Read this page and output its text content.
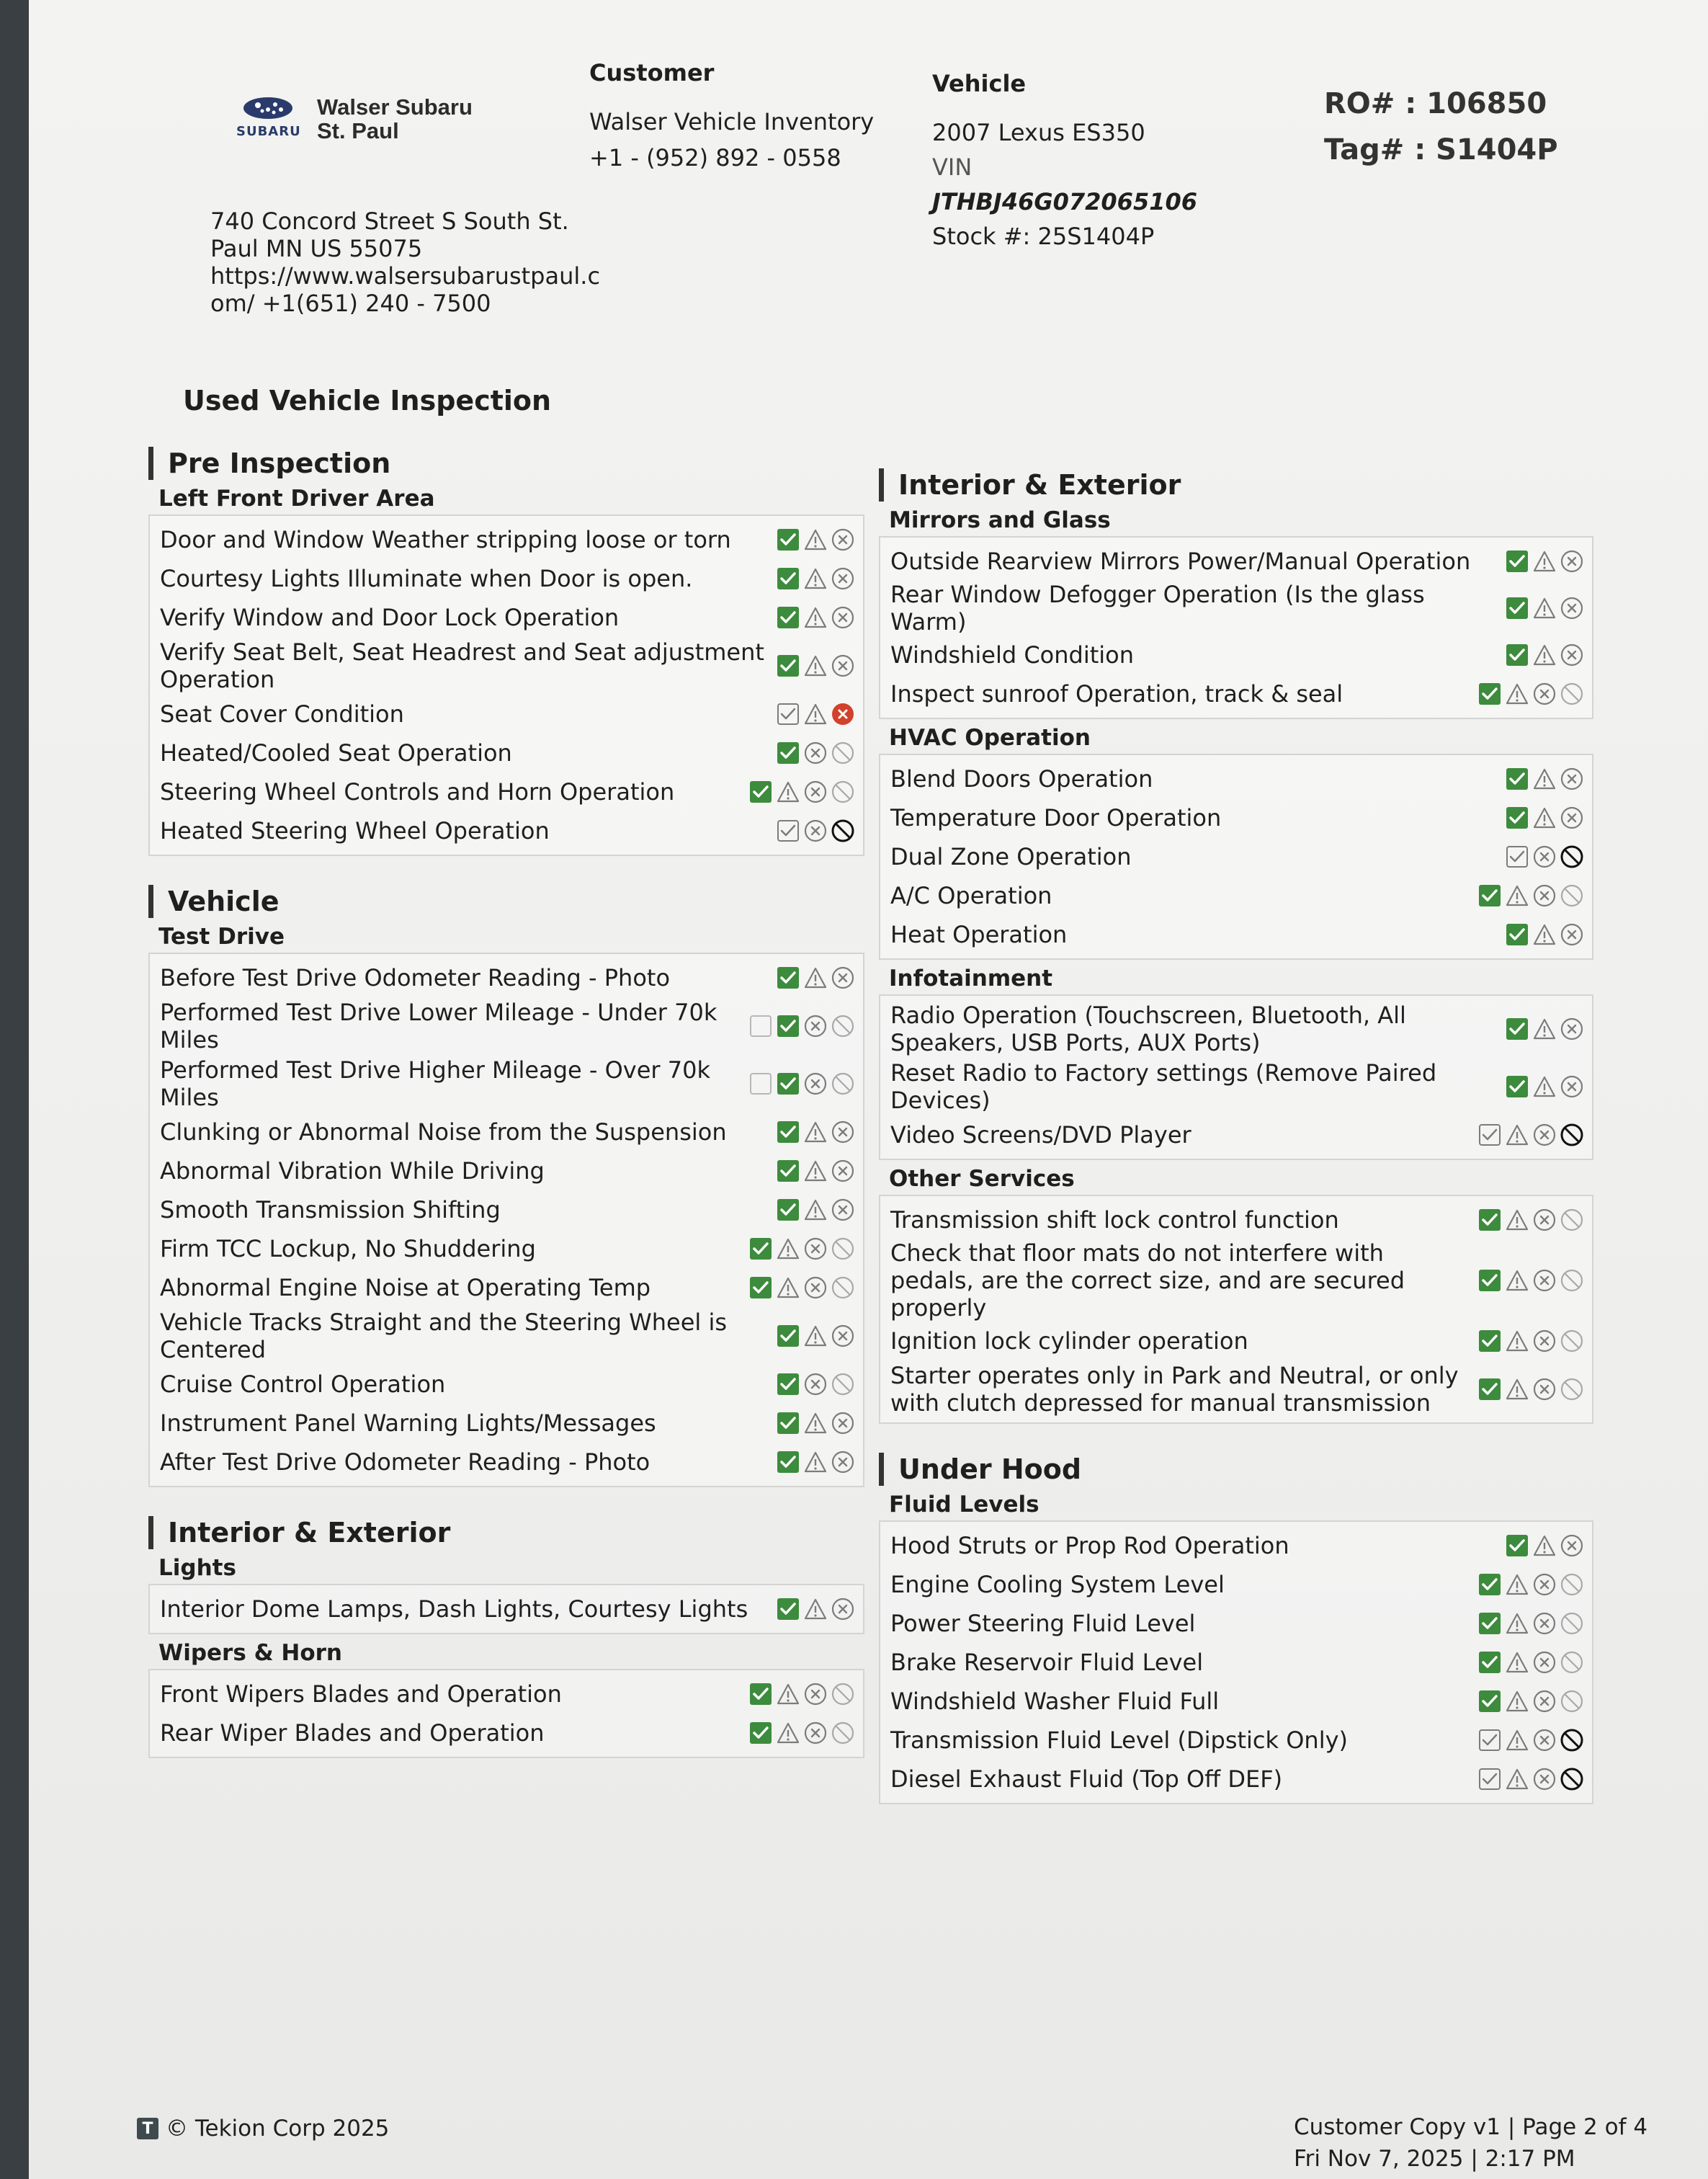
SUBARU
Walser Subaru
St. Paul
740 Concord Street S South St.
Paul MN US 55075
https://www.walsersubarustpaul.c
om/ +1(651) 240 - 7500
Customer
Walser Vehicle Inventory
+1 - (952) 892 - 0558
Vehicle
2007 Lexus ES350
VIN
JTHBJ46G072065106
Stock #: 25S1404P
RO# : 106850
Tag# : S1404P
Used Vehicle Inspection
Pre Inspection
Left Front Driver Area
Door and Window Weather stripping loose or torn
Courtesy Lights Illuminate when Door is open.
Verify Window and Door Lock Operation
Verify Seat Belt, Seat Headrest and Seat adjustment Operation
Seat Cover Condition
Heated/Cooled Seat Operation
Steering Wheel Controls and Horn Operation
Heated Steering Wheel Operation
Vehicle
Test Drive
Before Test Drive Odometer Reading - Photo
Performed Test Drive Lower Mileage - Under 70k Miles
Performed Test Drive Higher Mileage - Over 70k Miles
Clunking or Abnormal Noise from the Suspension
Abnormal Vibration While Driving
Smooth Transmission Shifting
Firm TCC Lockup, No Shuddering
Abnormal Engine Noise at Operating Temp
Vehicle Tracks Straight and the Steering Wheel is Centered
Cruise Control Operation
Instrument Panel Warning Lights/Messages
After Test Drive Odometer Reading - Photo
Interior & Exterior
Lights
Interior Dome Lamps, Dash Lights, Courtesy Lights
Wipers & Horn
Front Wipers Blades and Operation
Rear Wiper Blades and Operation
Interior & Exterior
Mirrors and Glass
Outside Rearview Mirrors Power/Manual Operation
Rear Window Defogger Operation (Is the glass Warm)
Windshield Condition
Inspect sunroof Operation, track & seal
HVAC Operation
Blend Doors Operation
Temperature Door Operation
Dual Zone Operation
A/C Operation
Heat Operation
Infotainment
Radio Operation (Touchscreen, Bluetooth, All Speakers, USB Ports, AUX Ports)
Reset Radio to Factory settings (Remove Paired Devices)
Video Screens/DVD Player
Other Services
Transmission shift lock control function
Check that floor mats do not interfere with pedals, are the correct size, and are secured properly
Ignition lock cylinder operation
Starter operates only in Park and Neutral, or only with clutch depressed for manual transmission
Under Hood
Fluid Levels
Hood Struts or Prop Rod Operation
Engine Cooling System Level
Power Steering Fluid Level
Brake Reservoir Fluid Level
Windshield Washer Fluid Full
Transmission Fluid Level (Dipstick Only)
Diesel Exhaust Fluid (Top Off DEF)
T © Tekion Corp 2025	Customer Copy v1 | Page 2 of 4
Fri Nov 7, 2025 | 2:17 PM
